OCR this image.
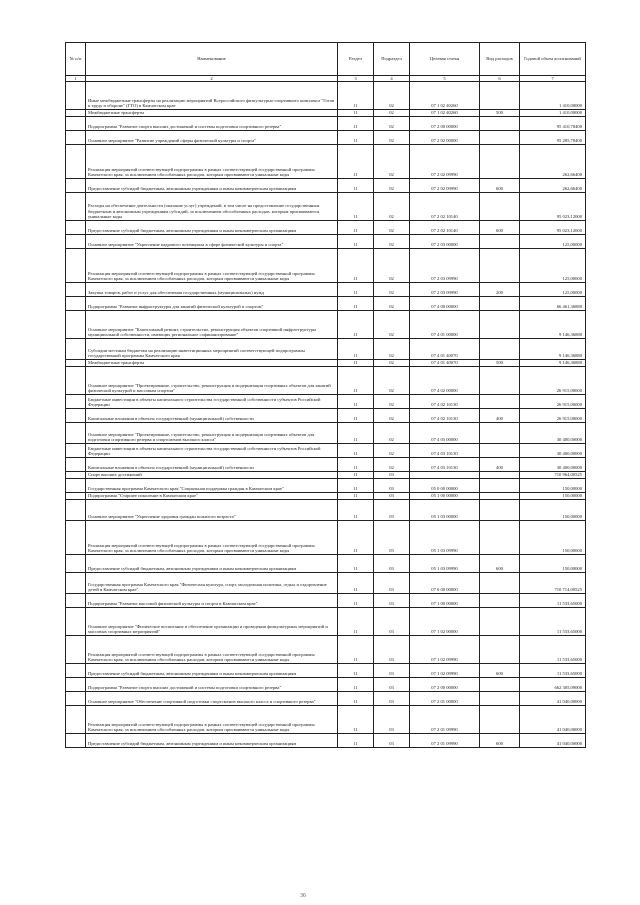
№ п/п	Наименование	Раздел	Подраздел	Целевая статья	Вид расходов	Годовой объем ассигнований
1	2	3	4	5	6	7
	Иные межбюджетные трансферты на реализацию мероприятий Всероссийского физкультурно-спортивного комплекса "Готов к труду и обороне" (ГТО) в Камчатском крае	11	02	07 1 02 40260		1 410,00000
	Межбюджетные трансферты	11	02	07 1 02 40260	500	1 410,00000
	Подпрограмма "Развитие спорта высших достижений и системы подготовки спортивного резерва"	11	02	07 2 00 00000		95 410,78400
	Основное мероприятие "Развитие учреждений сферы физической культуры и спорта"	11	02	07 2 02 00000		95 285,78400
	Реализация мероприятий соответствующей подпрограммы в рамках соответствующей государственной программы Камчатского края, за исключением обособленных расходов, которым присваиваются уникальные коды	11	02	07 2 02 09990		262,66400
	Предоставление субсидий бюджетным, автономным учреждениям и иным некоммерческим организациям	11	02	07 2 02 09990	600	262,66400
	Расходы на обеспечение деятельности (оказание услуг) учреждений, в том числе на предоставление государственным бюджетным и автономным учреждениям субсидий, за исключением обособленных расходов, которым присваиваются уникальные коды	11	02	07 2 02 10140		95 023,12000
	Предоставление субсидий бюджетным, автономным учреждениям и иным некоммерческим организациям	11	02	07 2 02 10140	600	95 023,12000
	Основное мероприятие "Укрепление кадрового потенциала в сфере физической культуры и спорта"	11	02	07 2 03 00000		125,00000
	Реализация мероприятий соответствующей подпрограммы в рамках соответствующей государственной программы Камчатского края, за исключением обособленных расходов, которым присваиваются уникальные коды	11	02	07 2 03 09990		125,00000
	Закупка товаров, работ и услуг для обеспечения государственных (муниципальных) нужд	11	02	07 2 03 09990	200	125,00000
	Подпрограмма "Развитие инфраструктуры для занятий физической культурой и спортом"	11	02	07 4 00 00000		66 461,36880
	Основное мероприятие "Капитальный ремонт, строительство, реконструкция объектов спортивной инфраструктуры муниципальной собственности, имеющих региональное софинансирование"	11	02	07 4 01 00000		9 146,36880
	Субсидии местным бюджетам на реализацию инвестиционных мероприятий соответствующей подпрограммы государственной программы Камчатского края	11	02	07 4 01 40070		9 146,36880
	Межбюджетные трансферты	11	02	07 4 01 40070	500	9 146,36880
	Основное мероприятие "Проектирование, строительство, реконструкция и модернизация спортивных объектов для занятий физической культурой и массовым спортом"	11	02	07 4 02 00000		26 915,00000
	Бюджетные инвестиции в объекты капитального строительства государственной собственности субъектов Российской Федерации	11	02	07 4 02 10130		26 915,00000
	Капитальные вложения в объекты государственной (муниципальной) собственности	11	02	07 4 02 10130	400	26 915,00000
	Основное мероприятие "Проектирование, строительство, реконструкция и модернизация спортивных объектов для подготовки спортивного резерва и спортсменов высокого класса"	11	02	07 4 03 00000		30 400,00000
	Бюджетные инвестиции в объекты капитального строительства государственной собственности субъектов Российской Федерации	11	02	07 4 03 10130		30 400,00000
	Капитальные вложения в объекты государственной (муниципальной) собственности	11	02	07 4 03 10130	400	30 400,00000
	Спорт высших достижений	11	03			710 964,00525
	Государственная программа Камчатского края "Социальная поддержка граждан в Камчатском крае"	11	03	05 0 00 00000		150,00000
	Подпрограмма "Старшее поколение в Камчатском крае"	11	03	05 1 00 00000		150,00000
	Основное мероприятие "Укрепление здоровья граждан пожилого возраста"	11	03	05 1 03 00000		150,00000
	Реализация мероприятий соответствующей подпрограммы в рамках соответствующей государственной программы Камчатского края, за исключением обособленных расходов, которым присваиваются уникальные коды	11	03	05 1 03 09990		150,00000
	Предоставление субсидий бюджетным, автономным учреждениям и иным некоммерческим организациям	11	03	05 1 03 09990	600	150,00000
	Государственная программа Камчатского края "Физическая культура, спорт, молодежная политика, отдых и оздоровление детей в Камчатском крае"	11	03	07 0 00 00000		710 714,00525
	Подпрограмма "Развитие массовой физической культуры и спорта в Камчатском крае"	11	03	07 1 00 00000		11 533,65000
	Основное мероприятие "Физическое воспитание и обеспечение организации и проведения физкультурных мероприятий и массовых спортивных мероприятий"	11	03	07 1 02 00000		11 533,65000
	Реализация мероприятий соответствующей подпрограммы в рамках соответствующей государственной программы Камчатского края, за исключением обособленных расходов, которым присваиваются уникальные коды	11	03	07 1 02 09990		11 533,65000
	Предоставление субсидий бюджетным, автономным учреждениям и иным некоммерческим организациям	11	03	07 1 02 09990	600	11 533,65000
	Подпрограмма "Развитие спорта высших достижений и системы подготовки спортивного резерва"	11	03	07 2 00 00000		662 305,09000
	Основное мероприятие "Обеспечение спортивной подготовки спортсменов высокого класса и спортивного резерва"	11	03	07 2 01 00000		41 040,00000
	Реализация мероприятий соответствующей подпрограммы в рамках соответствующей государственной программы Камчатского края, за исключением обособленных расходов, которым присваиваются уникальные коды	11	03	07 2 01 09990		41 040,00000
	Предоставление субсидий бюджетным, автономным учреждениям и иным некоммерческим организациям	11	03	07 2 01 09990	600	41 040,00000
36
